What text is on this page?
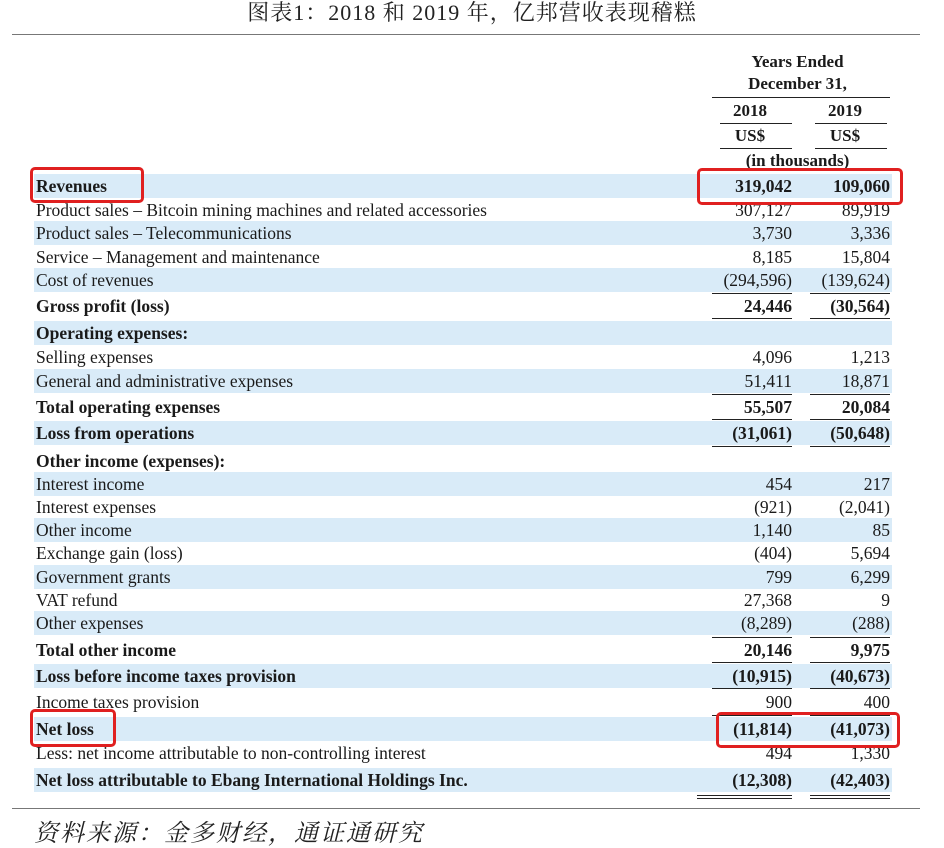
图表1：2018 和 2019 年，亿邦营收表现稽糕
Years Ended
December 31,
2018	2019
US$	US$
(in thousands)
Revenues	319,042 109,060
Product sales – Bitcoin mining machines and related accessories	307,127	89,919
Product sales – Telecommunications	3,730	3,336
Service – Management and maintenance	8,185	15,804
Cost of revenues	(294,596) (139,624)
Gross profit (loss)	24,446 (30,564)
Operating expenses:
Selling expenses	4,096	1,213
General and administrative expenses	51,411	18,871
Total operating expenses	55,507	20,084
Loss from operations	(31,061) (50,648)
Other income (expenses):
Interest income	454	217
Interest expenses	(921)	(2,041)
Other income	1,140	85
Exchange gain (loss)	(404)	5,694
Government grants	799	6,299
VAT refund	27,368	9
Other expenses	(8,289)	(288)
Total other income	20,146	9,975
Loss before income taxes provision	(10,915) (40,673)
Income taxes provision	900	400
Net loss	(11,814) (41,073)
Less: net income attributable to non-controlling interest	494	1,330
Net loss attributable to Ebang International Holdings Inc.	(12,308) (42,403)
资料来源：金多财经，通证通研究
